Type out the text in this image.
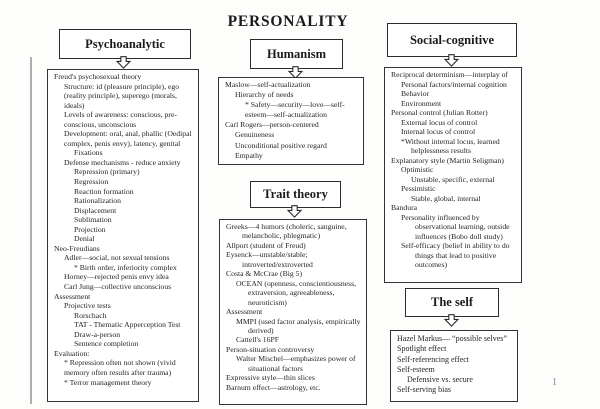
PERSONALITY
Psychoanalytic
Freud's psychosexual theory
Structure: id (pleasure principle), ego (reality principle), superego (morals, ideals)
Levels of awareness: conscious, pre-conscious, unconscious
Development: oral, anal, phallic (Oedipal complex, penis envy), latency, genital
Fixations
Defense mechanisms - reduce anxiety
Repression (primary)
Regression
Reaction formation
Rationalization
Displacement
Sublimation
Projection
Denial
Neo-Freudians
Adler—social, not sexual tensions
* Birth order, inferiority complex
Horney—rejected penis envy idea
Carl Jung—collective unconscious
Assessment
Projective tests
Rorschach
TAT - Thematic Apperception Test
Draw-a-person
Sentence completion
Evaluation:
* Repression often not shown (vivid memory often results after trauma)
* Terror management theory
Humanism
Maslow—self-actualization
Hierarchy of needs
* Safety—security—love—self-esteem—self-actualization
Carl Rogers—person-centered
Genuineness
Unconditional positive regard
Empathy
Trait theory
Greeks—4 humors (choleric, sanguine, melancholic, phlegmatic)
Allport (student of Freud)
Eysenck—unstable/stable; introverted/extroverted
Costa & McCrae (Big 5)
OCEAN (openness, conscientiousness, extraversion, agreeableness, neuroticism)
Assessment
MMPI (used factor analysis, empirically derived)
Cattell's 16PF
Person-situation controversy
Walter Mischel—emphasizes power of situational factors
Expressive style—thin slices
Barnum effect—astrology, etc.
Social-cognitive
Reciprocal determinism—interplay of
Personal factors/internal cognition
Behavior
Environment
Personal control (Julian Rotter)
External locus of control
Internal locus of control
*Without internal locus, learned helplessness results
Explanatory style (Martin Seligman)
Optimistic
Unstable, specific, external
Pessimistic
Stable, global, internal
Bandura
Personality influenced by observational learning, outside influences (Bobo doll study)
Self-efficacy (belief in ability to do things that lead to positive outcomes)
The self
Hazel Markus— “possible selves”
Spotlight effect
Self-referencing effect
Self-esteem
Defensive vs. secure
Self-serving bias
1
